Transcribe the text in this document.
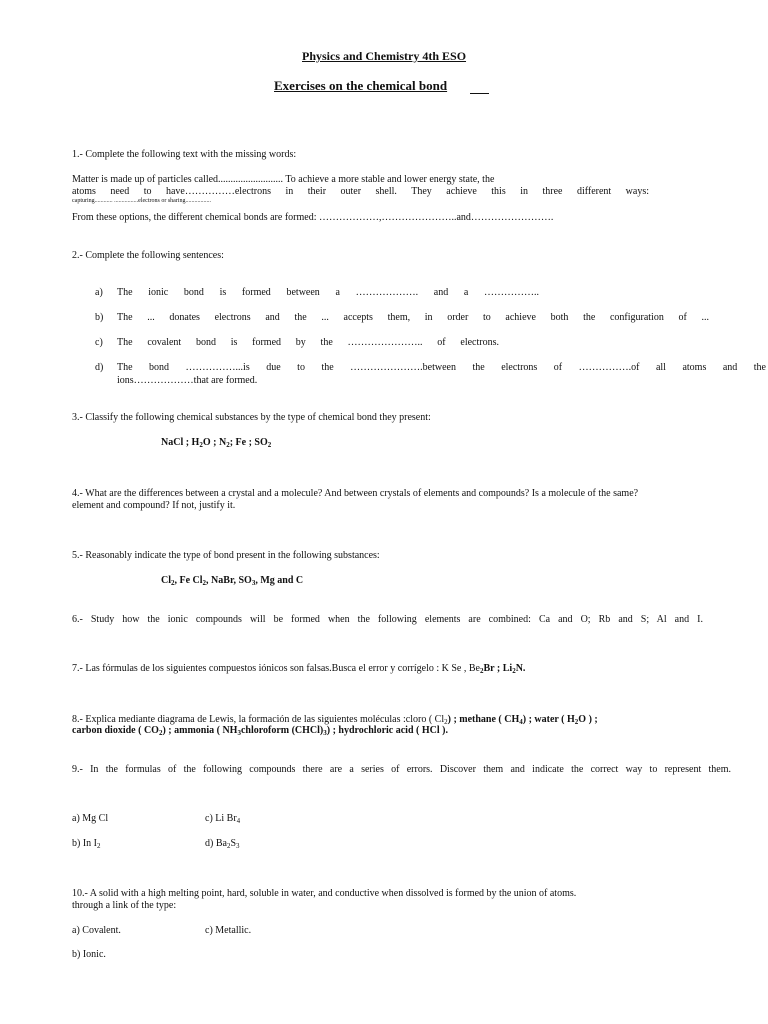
Physics and Chemistry 4th ESO
Exercises on the chemical bond
1.- Complete the following text with the missing words:
Matter is made up of particles called.......................... To achieve a more stable and lower energy state, the
atoms need to have……………electrons in their outer shell. They achieve this in three different ways:
capturing............ ................electrons or sharing.................
From these options, the different chemical bonds are formed: ………………,…………………..and…………………….
2.- Complete the following sentences:
a) The ionic bond is formed between a ………………. and a ……………..
b) The ... donates electrons and the ... accepts them, in order to achieve both the configuration of ...
c) The covalent bond is formed by the ………………….. of electrons.
d) The bond ……………...is due to the ………………….between the electrons of …………….of all atoms and the
ions………………that are formed.
3.- Classify the following chemical substances by the type of chemical bond they present:
NaCl ; $H_2O$ ; $N_2$; Fe ; $SO_2$
4.- What are the differences between a crystal and a molecule? And between crystals of elements and compounds? Is a molecule of the same?
element and compound? If not, justify it.
5.- Reasonably indicate the type of bond present in the following substances:
$Cl_2$, Fe $Cl_2$, NaBr, $SO_3$, Mg and C
6.- Study how the ionic compounds will be formed when the following elements are combined: Ca and O; Rb and S; Al and I.
7.- Las fórmulas de los siguientes compuestos iónicos son falsas.Busca el error y corrígelo : K Se , $Be_2Br$ ; $Li_2N$.
8.- Explica mediante diagrama de Lewis, la formación de las siguientes moléculas :cloro ( $Cl_2$) ; methane ( $CH_4$) ; water ( $H_2O$ ) ;
carbon dioxide ( $CO_2$) ; ammonia ( $NH_3chloroform$ $(CHCl)_3$) ; hydrochloric acid ( HCl ).
9.- In the formulas of the following compounds there are a series of errors. Discover them and indicate the correct way to represent them.
a) Mg Cl	c) Li $Br_4$
b) In $I_2$	d) $Ba_2S_3$
10.- A solid with a high melting point, hard, soluble in water, and conductive when dissolved is formed by the union of atoms.
through a link of the type:
a) Covalent.	c) Metallic.
b) Ionic.
